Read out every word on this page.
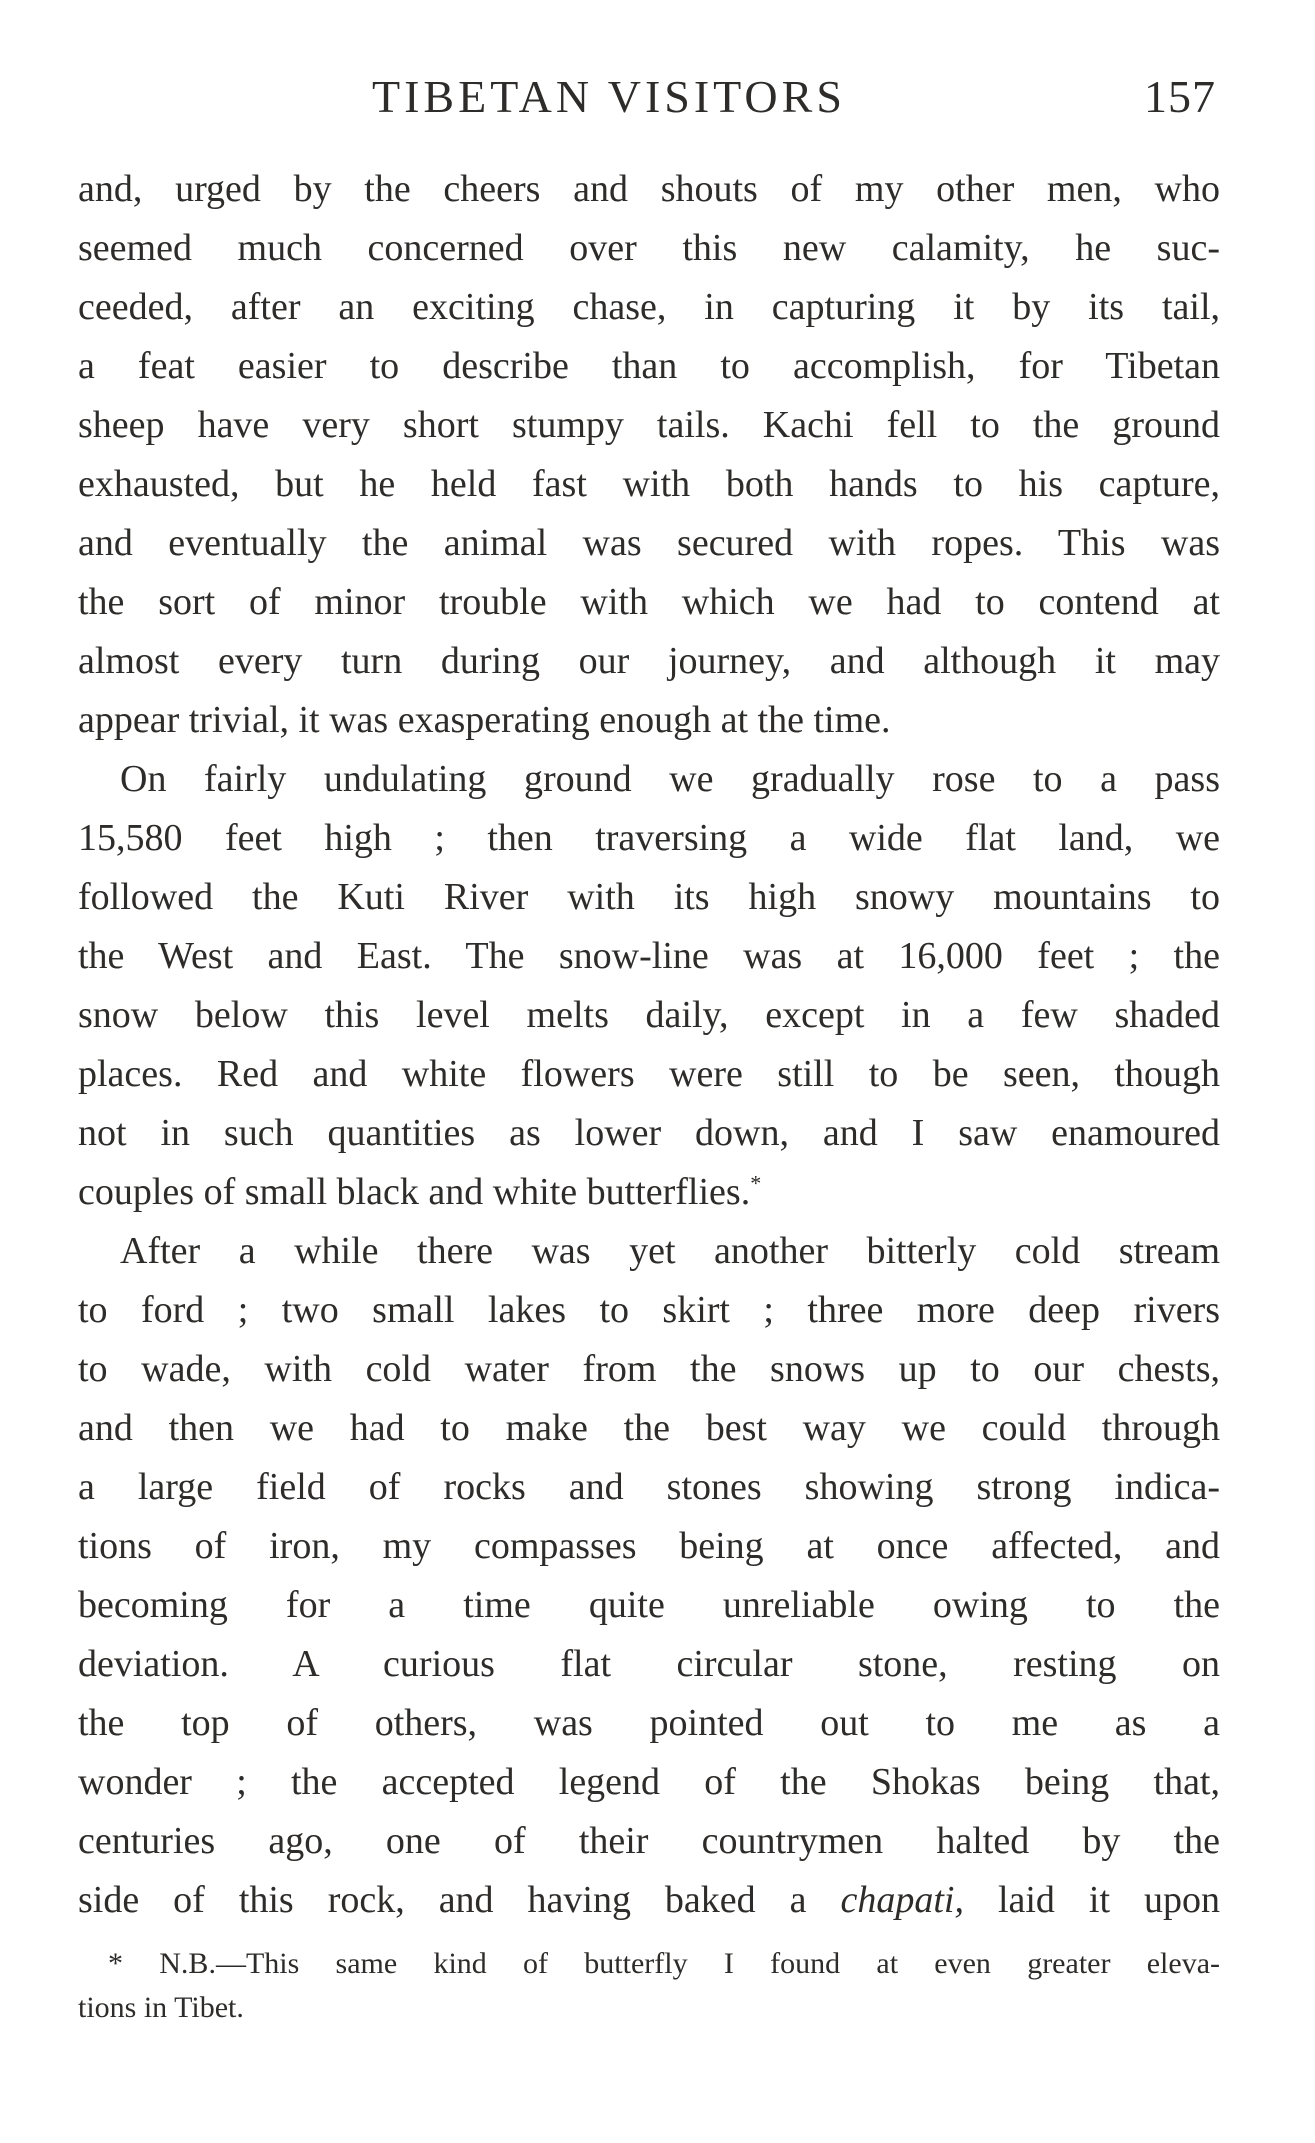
TIBETAN VISITORS	157
and, urged by the cheers and shouts of my other men, who
seemed much concerned over this new calamity, he suc-
ceeded, after an exciting chase, in capturing it by its tail,
a feat easier to describe than to accomplish, for Tibetan
sheep have very short stumpy tails. Kachi fell to the ground
exhausted, but he held fast with both hands to his capture,
and eventually the animal was secured with ropes. This was
the sort of minor trouble with which we had to contend at
almost every turn during our journey, and although it may
appear trivial, it was exasperating enough at the time.
On fairly undulating ground we gradually rose to a pass
15,580 feet high ; then traversing a wide flat land, we
followed the Kuti River with its high snowy mountains to
the West and East. The snow-line was at 16,000 feet ; the
snow below this level melts daily, except in a few shaded
places. Red and white flowers were still to be seen, though
not in such quantities as lower down, and I saw enamoured
couples of small black and white butterflies.*
After a while there was yet another bitterly cold stream
to ford ; two small lakes to skirt ; three more deep rivers
to wade, with cold water from the snows up to our chests,
and then we had to make the best way we could through
a large field of rocks and stones showing strong indica-
tions of iron, my compasses being at once affected, and
becoming for a time quite unreliable owing to the
deviation. A curious flat circular stone, resting on
the top of others, was pointed out to me as a
wonder ; the accepted legend of the Shokas being that,
centuries ago, one of their countrymen halted by the
side of this rock, and having baked a chapati, laid it upon
* N.B.—This same kind of butterfly I found at even greater eleva-
tions in Tibet.
